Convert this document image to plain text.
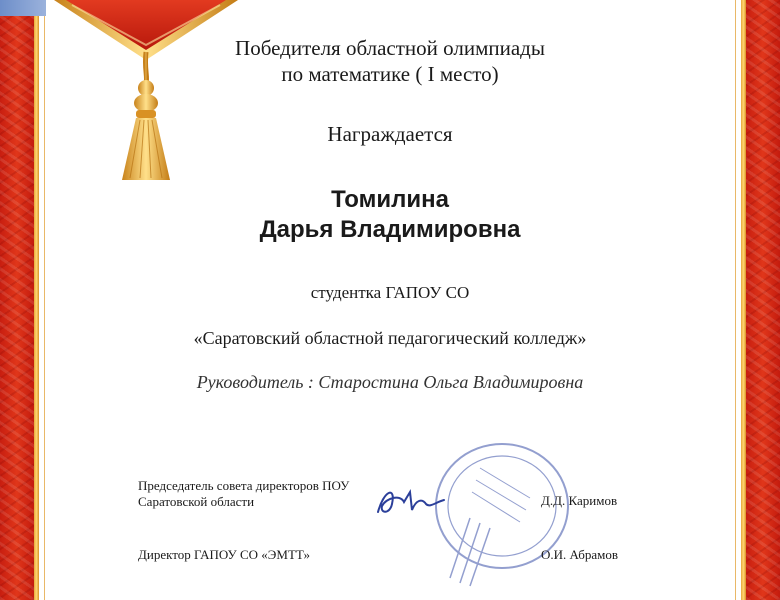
Победителя областной олимпиады
по математике ( I место)
Награждается
Томилина
Дарья Владимировна
студентка ГАПОУ СО
«Саратовский областной педагогический колледж»
Руководитель : Старостина Ольга Владимировна
Председатель совета директоров ПОУ
Саратовской области	Д.Д. Каримов
Директор ГАПОУ СО «ЭМТТ»	О.И. Абрамов
